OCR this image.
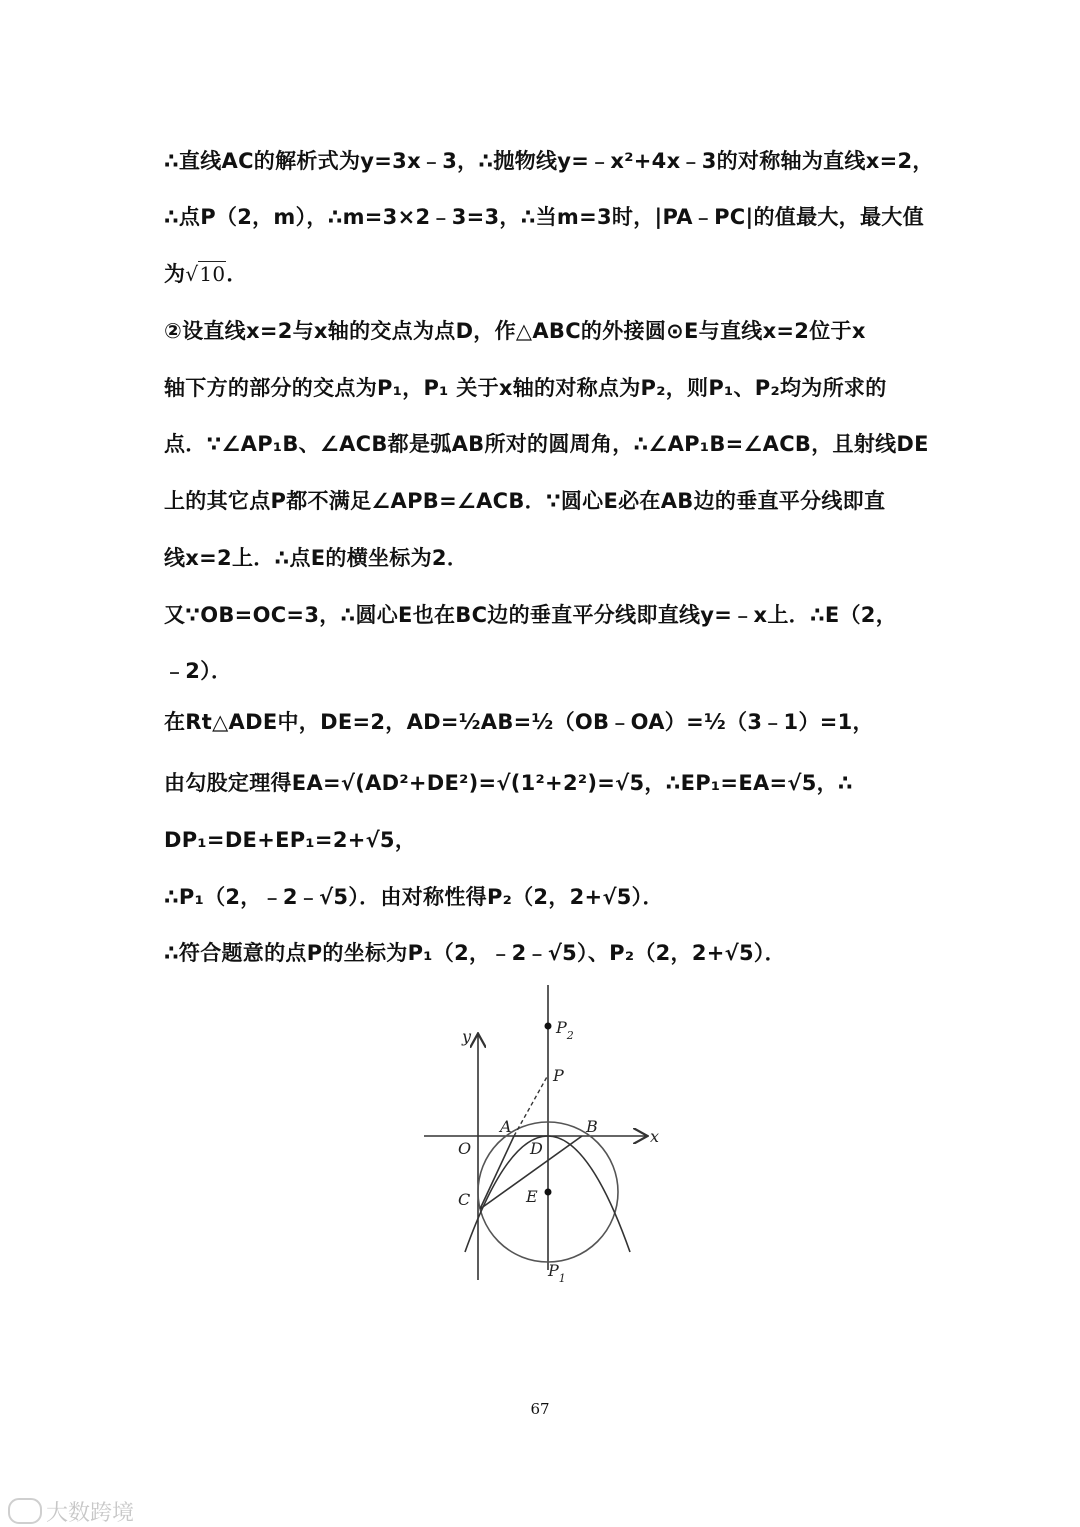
∴直线AC的解析式为y=3x﹣3，∴抛物线y=﹣x²+4x﹣3的对称轴为直线x=2，
∴点P（2，m），∴m=3×2﹣3=3，∴当m=3时，|PA﹣PC|的值最大，最大值
为√10．
②设直线x=2与x轴的交点为点D，作△ABC的外接圆⊙E与直线x=2位于x
轴下方的部分的交点为P₁，P₁ 关于x轴的对称点为P₂，则P₁、P₂均为所求的
点．∵∠AP₁B、∠ACB都是弧AB所对的圆周角，∴∠AP₁B=∠ACB，且射线DE
上的其它点P都不满足∠APB=∠ACB．∵圆心E必在AB边的垂直平分线即直
线x=2上．∴点E的横坐标为2．
又∵OB=OC=3，∴圆心E也在BC边的垂直平分线即直线y=﹣x上．∴E（2，
﹣2）．
在Rt△ADE中，DE=2，AD=½AB=½（OB﹣OA）=½（3﹣1）=1，
由勾股定理得EA=√(AD²+DE²)=√(1²+2²)=√5，∴EP₁=EA=√5，∴
DP₁=DE+EP₁=2+√5，
∴P₁（2，﹣2﹣√5）．由对称性得P₂（2，2+√5）．
∴符合题意的点P的坐标为P₁（2，﹣2﹣√5）、P₂（2，2+√5）．
y
x
O
A	B
C
D
E
P
$P_2$
$P_1$
67
大数跨境
